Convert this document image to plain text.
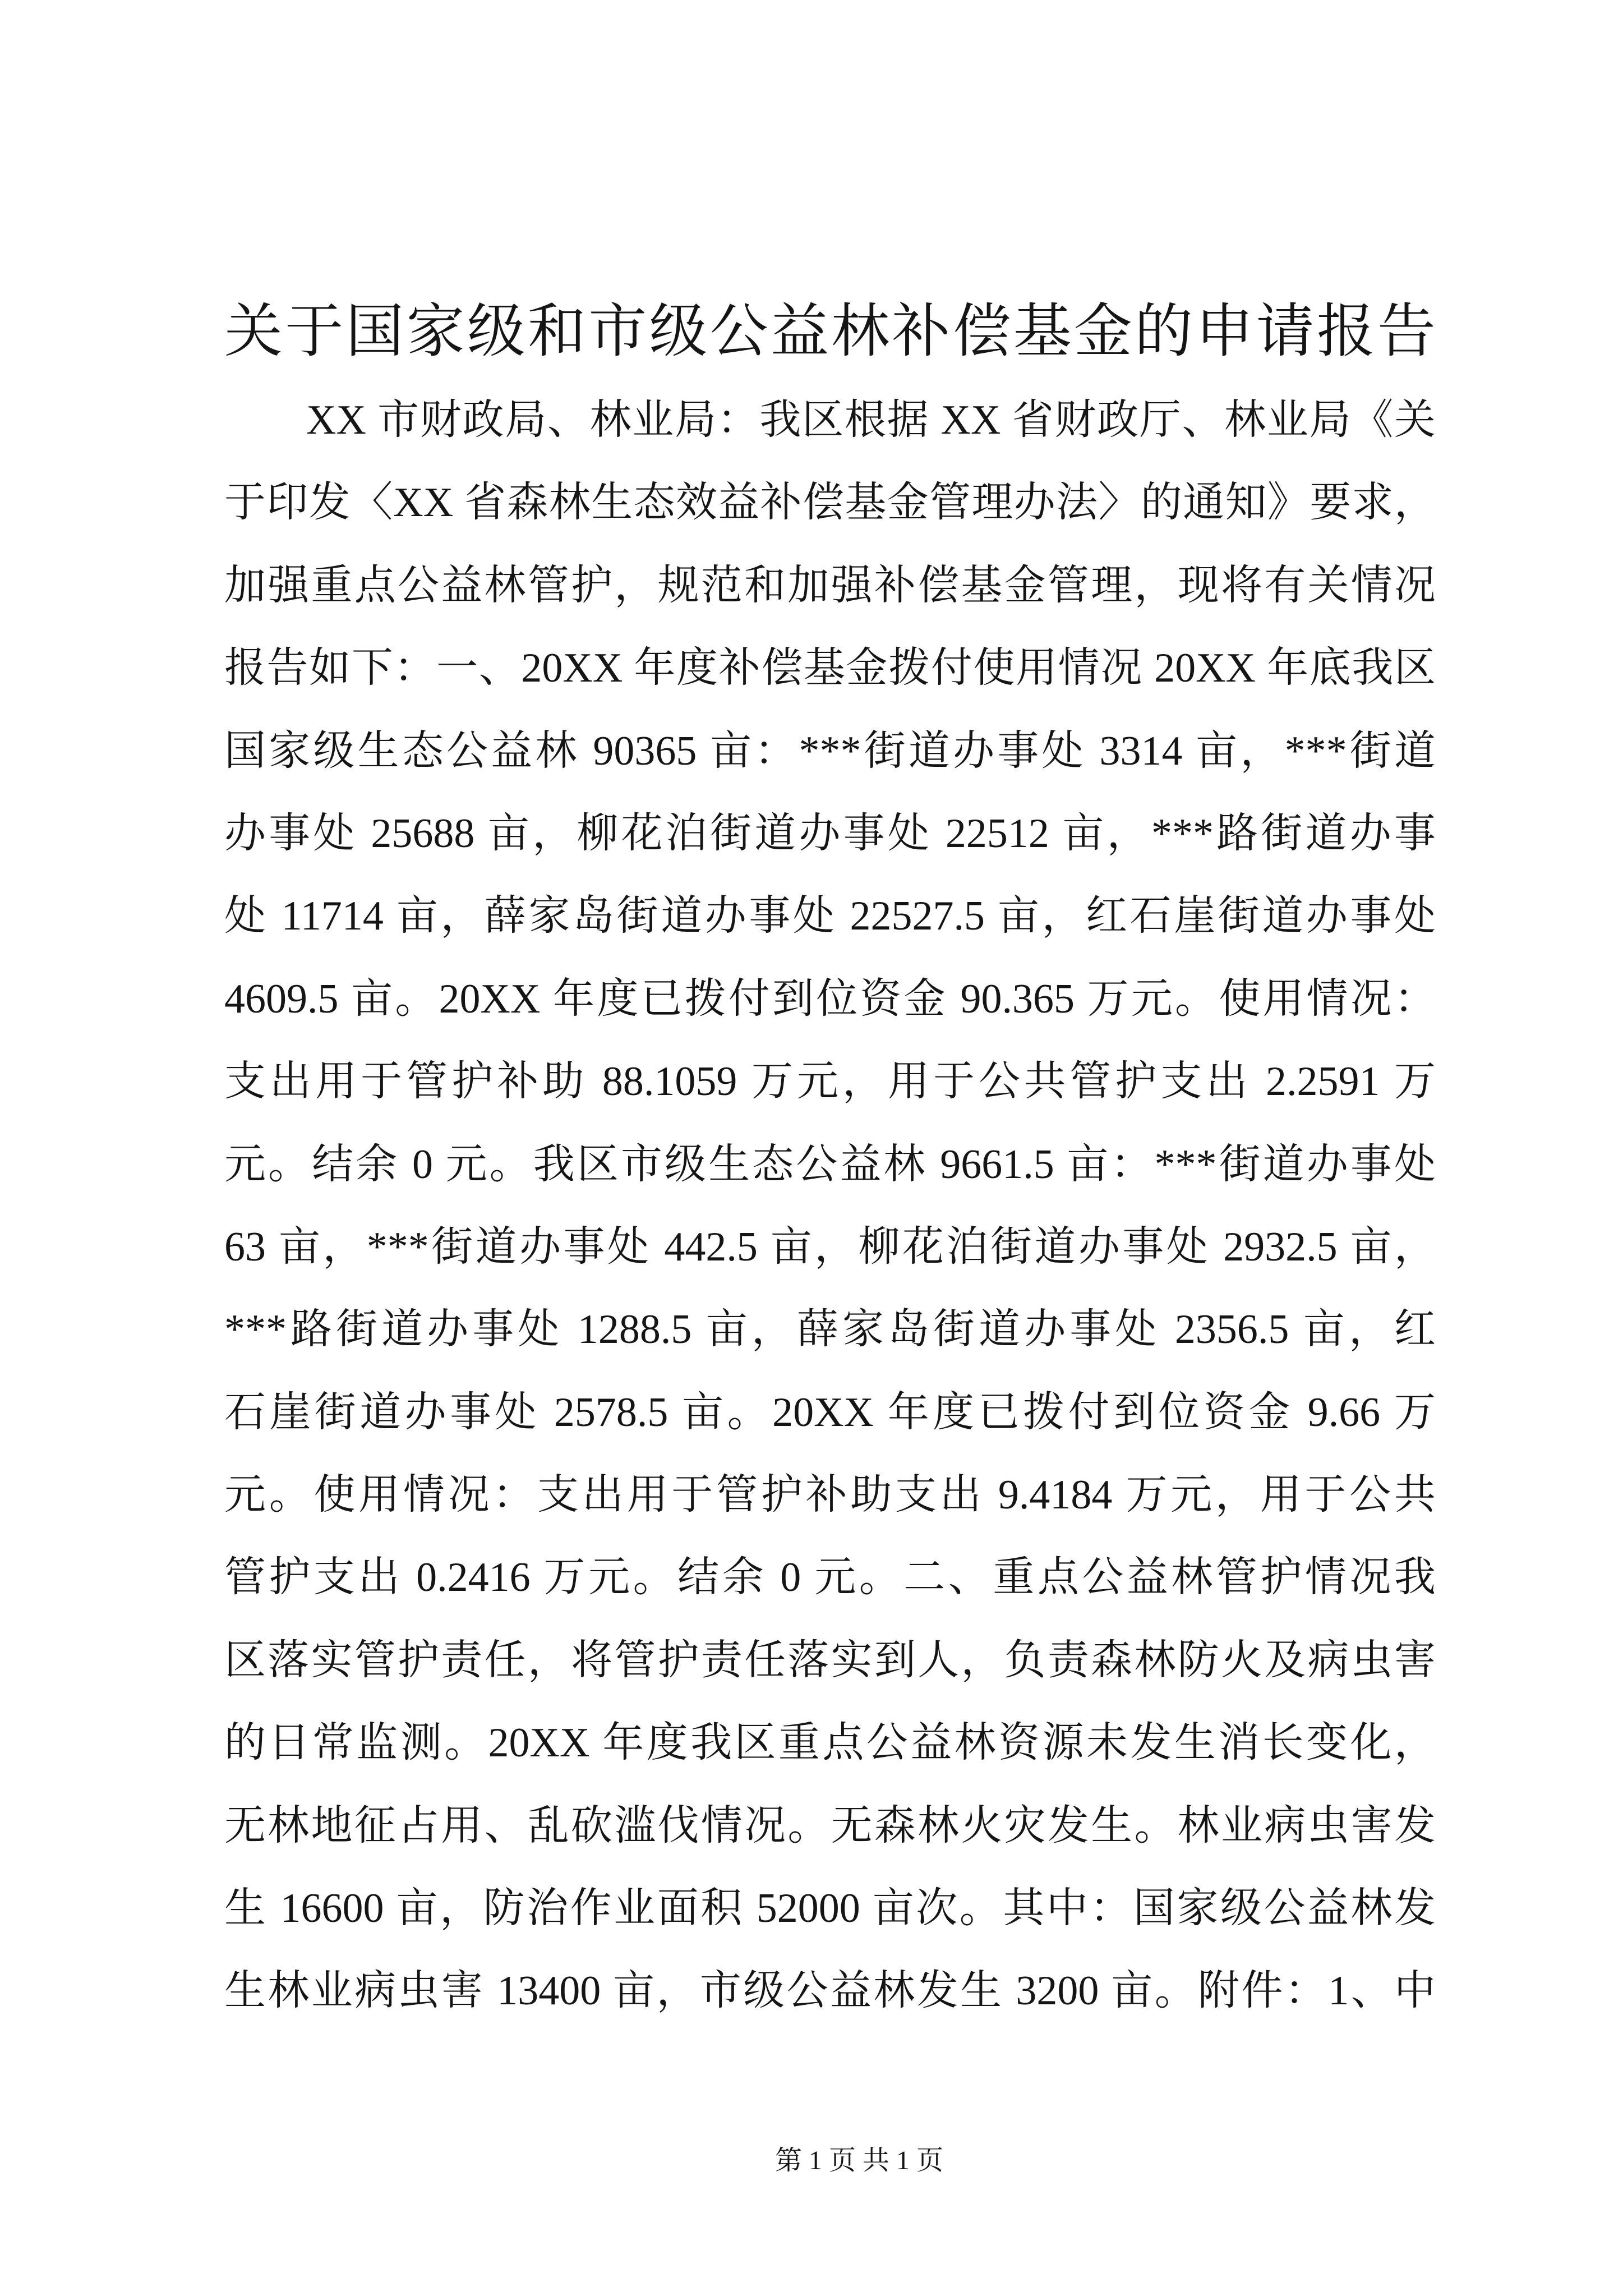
关于国家级和市级公益林补偿基金的申请报告
XX 市财政局、林业局：我区根据 XX 省财政厅、林业局《关
于印发〈XX 省森林生态效益补偿基金管理办法〉的通知》要求，
加强重点公益林管护，规范和加强补偿基金管理，现将有关情况
报告如下：一、20XX 年度补偿基金拨付使用情况 20XX 年底我区
国家级生态公益林 90365 亩：***街道办事处 3314 亩，***街道
办事处 25688 亩，柳花泊街道办事处 22512 亩，***路街道办事
处 11714 亩，薛家岛街道办事处 22527.5 亩，红石崖街道办事处
4609.5 亩。20XX 年度已拨付到位资金 90.365 万元。使用情况：
支出用于管护补助 88.1059 万元，用于公共管护支出 2.2591 万
元。结余 0 元。我区市级生态公益林 9661.5 亩：***街道办事处
63 亩，***街道办事处 442.5 亩，柳花泊街道办事处 2932.5 亩，
***路街道办事处 1288.5 亩，薛家岛街道办事处 2356.5 亩，红
石崖街道办事处 2578.5 亩。20XX 年度已拨付到位资金 9.66 万
元。使用情况：支出用于管护补助支出 9.4184 万元，用于公共
管护支出 0.2416 万元。结余 0 元。二、重点公益林管护情况我
区落实管护责任，将管护责任落实到人，负责森林防火及病虫害
的日常监测。20XX 年度我区重点公益林资源未发生消长变化，
无林地征占用、乱砍滥伐情况。无森林火灾发生。林业病虫害发
生 16600 亩，防治作业面积 52000 亩次。其中：国家级公益林发
生林业病虫害 13400 亩，市级公益林发生 3200 亩。附件：1、中
第 1 页 共 1 页
